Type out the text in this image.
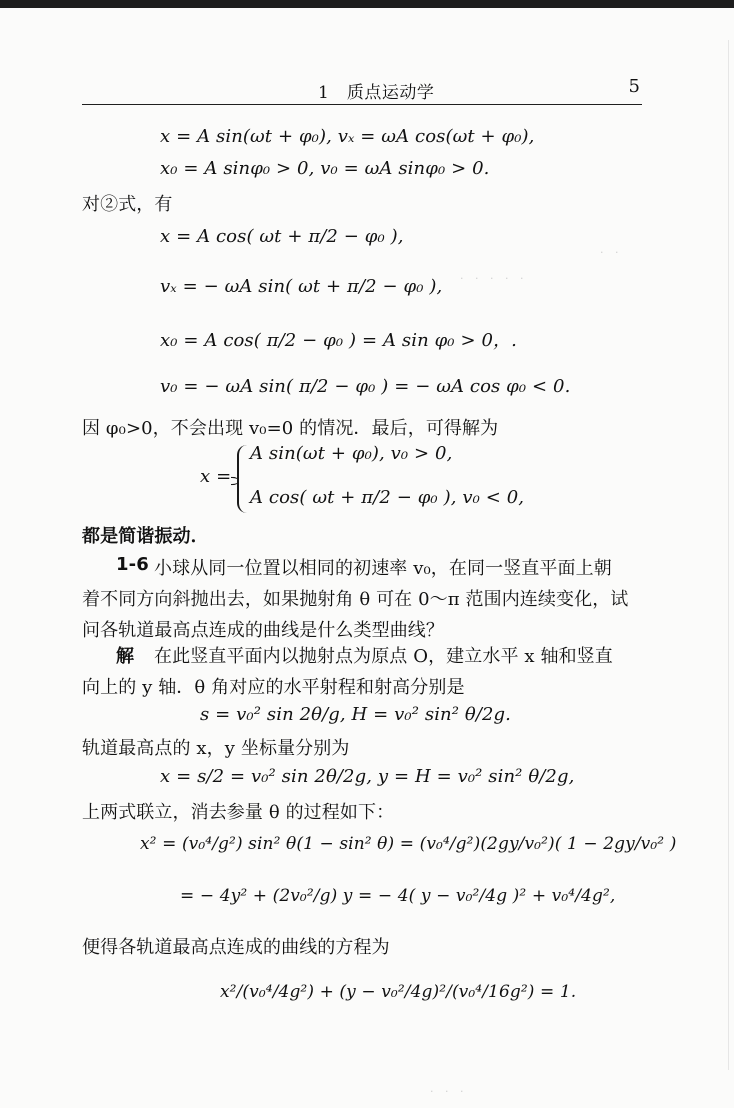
1　质点运动学	5
x = A sin(ωt + φ₀), vₓ = ωA cos(ωt + φ₀),
x₀ = A sinφ₀ > 0, v₀ = ωA sinφ₀ > 0.
对②式，有
x = A cos( ωt + π/2 − φ₀ ),
vₓ = − ωA sin( ωt + π/2 − φ₀ ),
x₀ = A cos( π/2 − φ₀ ) = A sin φ₀ > 0，.
v₀ = − ωA sin( π/2 − φ₀ ) = − ωA cos φ₀ < 0.
因 φ₀>0，不会出现 v₀=0 的情况．最后，可得解为
x =
A sin(ωt + φ₀), v₀ > 0,
A cos( ωt + π/2 − φ₀ ), v₀ < 0,
都是简谐振动．
1-6 小球从同一位置以相同的初速率 v₀，在同一竖直平面上朝
着不同方向斜抛出去，如果抛射角 θ 可在 0～π 范围内连续变化，试
问各轨道最高点连成的曲线是什么类型曲线？
解 在此竖直平面内以抛射点为原点 O，建立水平 x 轴和竖直
向上的 y 轴．θ 角对应的水平射程和射高分别是
s = v₀² sin 2θ/g, H = v₀² sin² θ/2g.
轨道最高点的 x，y 坐标量分别为
x = s/2 = v₀² sin 2θ/2g, y = H = v₀² sin² θ/2g,
上两式联立，消去参量 θ 的过程如下：
x² = (v₀⁴/g²) sin² θ(1 − sin² θ) = (v₀⁴/g²)(2gy/v₀²)( 1 − 2gy/v₀² )
= − 4y² + (2v₀²/g) y = − 4( y − v₀²/4g )² + v₀⁴/4g²,
便得各轨道最高点连成的曲线的方程为
x²/(v₀⁴/4g²) + (y − v₀²/4g)²/(v₀⁴/16g²) = 1.
· · · · ·
· ·
· · ·
